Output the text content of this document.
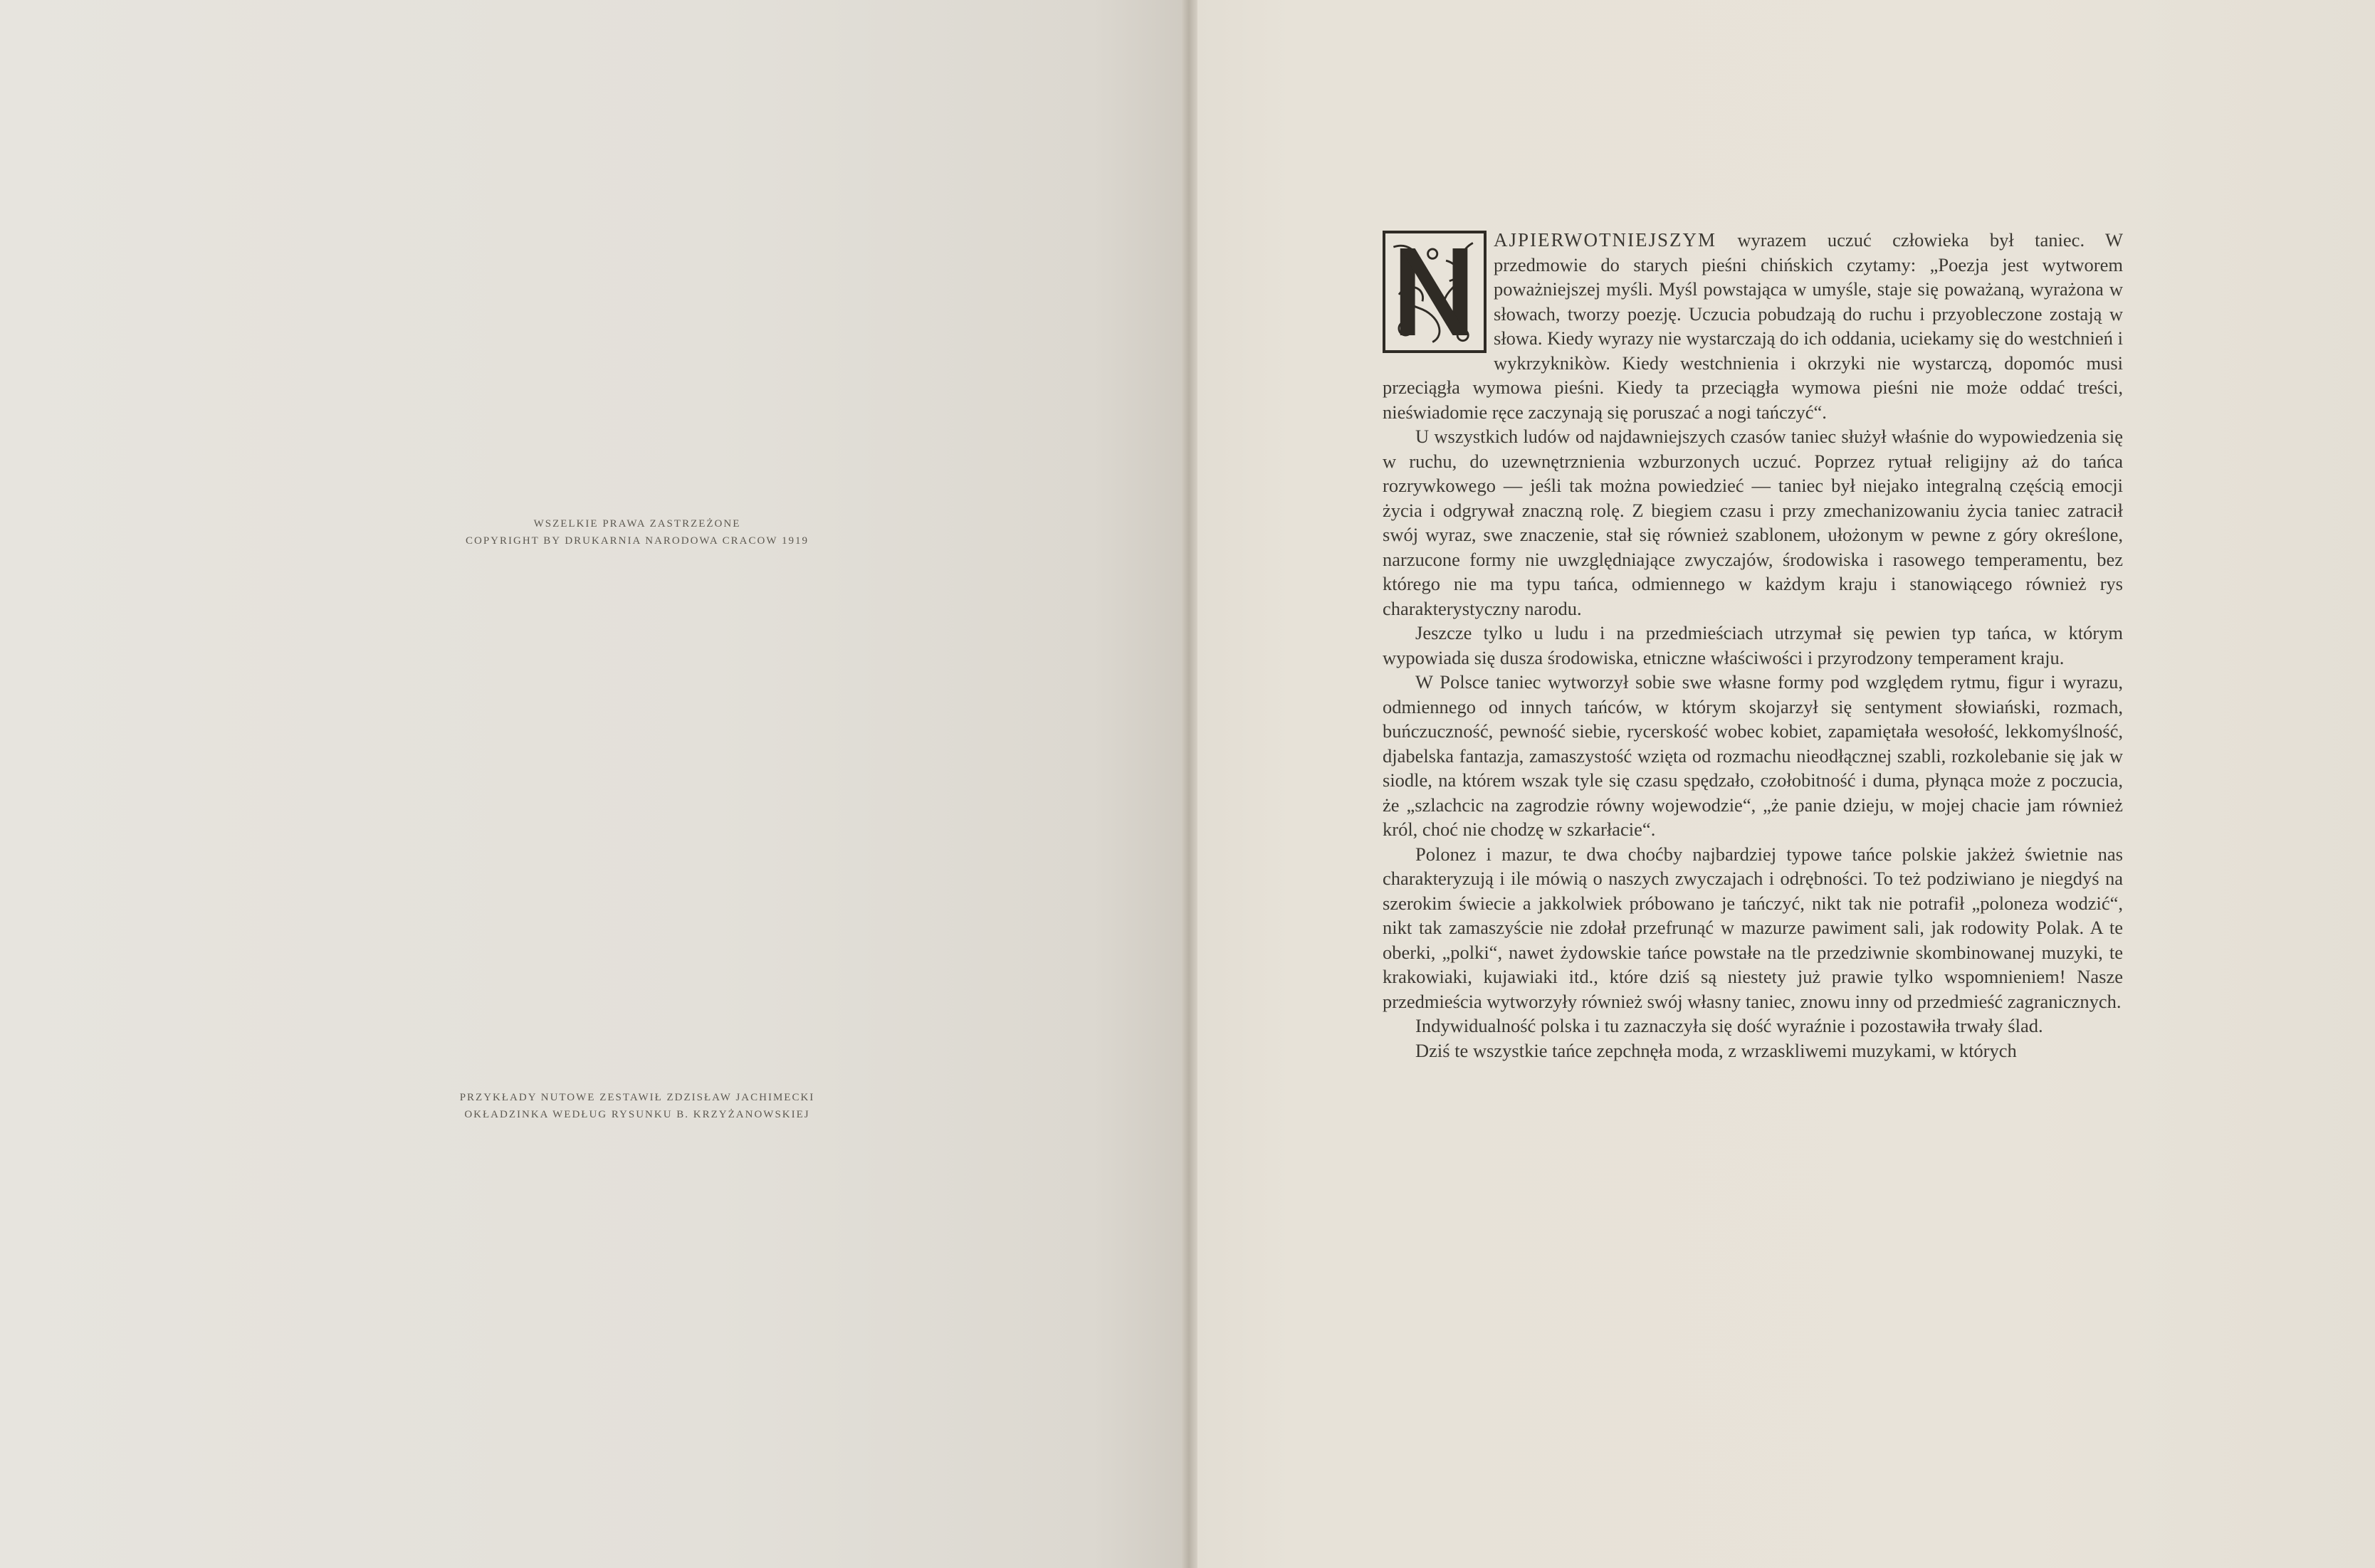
WSZELKIE PRAWA ZASTRZEŻONE
COPYRIGHT BY DRUKARNIA NARODOWA CRACOW 1919
PRZYKŁADY NUTOWE ZESTAWIŁ ZDZISŁAW JACHIMECKI
OKŁADZINKA WEDŁUG RYSUNKU B. KRZYŻANOWSKIEJ

AJPIERWOTNIEJSZYM wyrazem uczuć człowieka był taniec. W przedmowie do starych pieśni chińskich czytamy: „Poezja jest wytworem poważniejszej myśli. Myśl powstająca w umyśle, staje się poważaną, wyrażona w słowach, tworzy poezję. Uczucia pobudzają do ruchu i przyobleczone zostają w słowa. Kiedy wyrazy nie wystarczają do ich oddania, uciekamy się do westchnień i wykrzyknikòw. Kiedy westchnienia i okrzyki nie wystarczą, dopomóc musi przeciągła wymowa pieśni. Kiedy ta przeciągła wymowa pieśni nie może oddać treści, nieświadomie ręce zaczynają się poruszać a nogi tańczyć“.

U wszystkich ludów od najdawniejszych czasów taniec służył właśnie do wypowiedzenia się w ruchu, do uzewnętrznienia wzburzonych uczuć. Poprzez rytuał religijny aż do tańca rozrywkowego — jeśli tak można powiedzieć — taniec był niejako integralną częścią emocji życia i odgrywał znaczną rolę. Z biegiem czasu i przy zmechanizowaniu życia taniec zatracił swój wyraz, swe znaczenie, stał się również szablonem, ułożonym w pewne z góry określone, narzucone formy nie uwzględniające zwyczajów, środowiska i rasowego temperamentu, bez którego nie ma typu tańca, odmiennego w każdym kraju i stanowiącego również rys charakterystyczny narodu.

Jeszcze tylko u ludu i na przedmieściach utrzymał się pewien typ tańca, w którym wypowiada się dusza środowiska, etniczne właściwości i przyrodzony temperament kraju.

W Polsce taniec wytworzył sobie swe własne formy pod względem rytmu, figur i wyrazu, odmiennego od innych tańców, w którym skojarzył się sentyment słowiański, rozmach, buńczuczność, pewność siebie, rycerskość wobec kobiet, zapamiętała wesołość, lekkomyślność, djabelska fantazja, zamaszystość wzięta od rozmachu nieodłącznej szabli, rozkolebanie się jak w siodle, na którem wszak tyle się czasu spędzało, czołobitność i duma, płynąca może z poczucia, że „szlachcic na zagrodzie równy wojewodzie“, „że panie dzieju, w mojej chacie jam również król, choć nie chodzę w szkarłacie“.

Polonez i mazur, te dwa choćby najbardziej typowe tańce polskie jakżeż świetnie nas charakteryzują i ile mówią o naszych zwyczajach i odrębności. To też podziwiano je niegdyś na szerokim świecie a jakkolwiek próbowano je tańczyć, nikt tak nie potrafił „poloneza wodzić“, nikt tak zamaszyście nie zdołał przefrunąć w mazurze pawiment sali, jak rodowity Polak. A te oberki, „polki“, nawet żydowskie tańce powstałe na tle przedziwnie skombinowanej muzyki, te krakowiaki, kujawiaki itd., które dziś są niestety już prawie tylko wspomnieniem! Nasze przedmieścia wytworzyły również swój własny taniec, znowu inny od przedmieść zagranicznych.

Indywidualność polska i tu zaznaczyła się dość wyraźnie i pozostawiła trwały ślad.

Dziś te wszystkie tańce zepchnęła moda, z wrzaskliwemi muzykami, w których
